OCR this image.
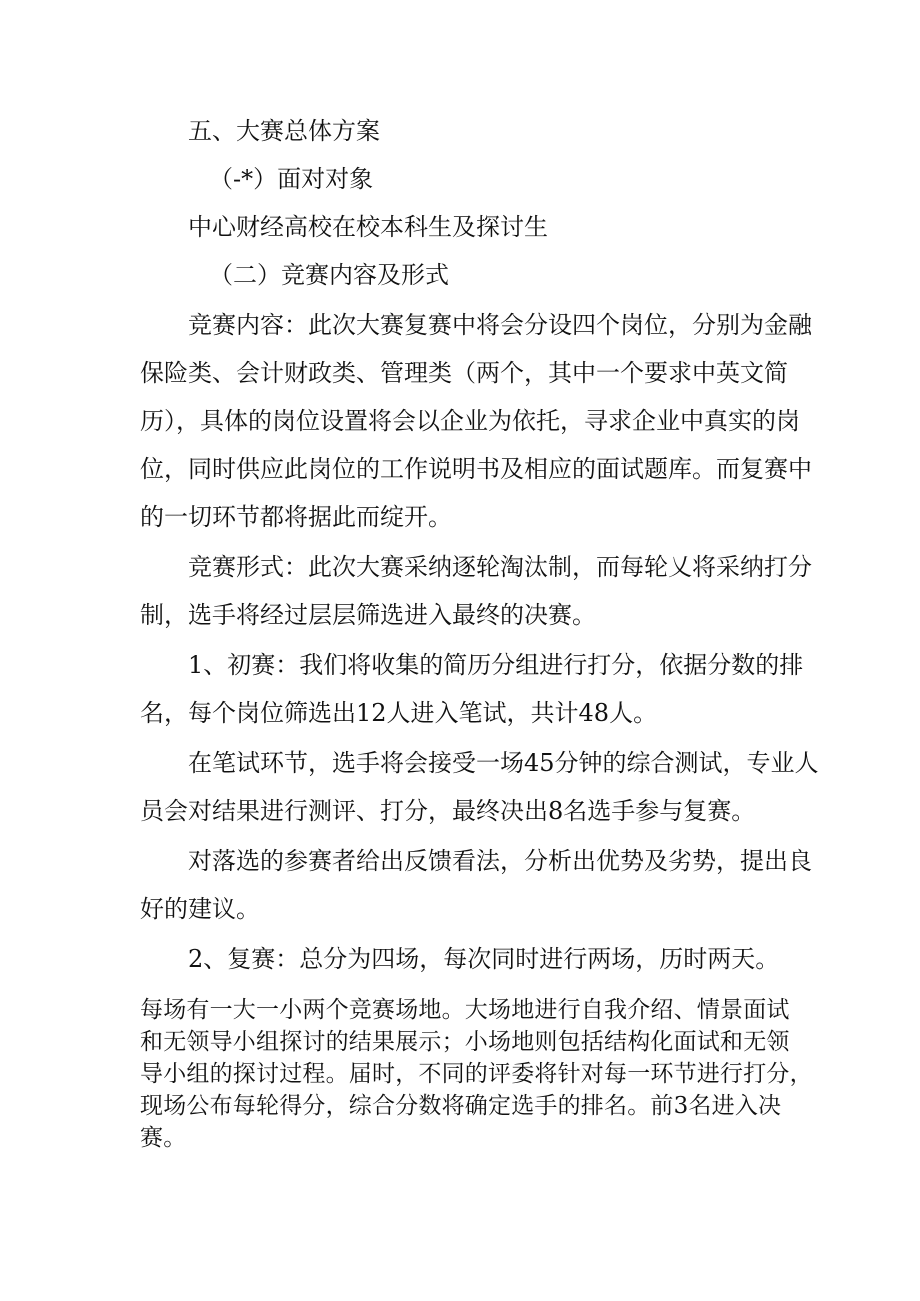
五、大赛总体方案

（-*）面对对象

中心财经高校在校本科生及探讨生

（二）竞赛内容及形式

竞赛内容：此次大赛复赛中将会分设四个岗位，分别为金融

保险类、会计财政类、管理类（两个，其中一个要求中英文简

历），具体的岗位设置将会以企业为依托，寻求企业中真实的岗

位，同时供应此岗位的工作说明书及相应的面试题库。而复赛中

的一切环节都将据此而绽开。

竞赛形式：此次大赛采纳逐轮淘汰制，而每轮乂将采纳打分

制，选手将经过层层筛选进入最终的决赛。

1、初赛：我们将收集的简历分组进行打分，依据分数的排

名，每个岗位筛选出12人进入笔试，共计48人。

在笔试环节，选手将会接受一场45分钟的综合测试，专业人

员会对结果进行测评、打分，最终决出8名选手参与复赛。

对落选的参赛者给出反馈看法，分析出优势及劣势，提出良

好的建议。

2、复赛：总分为四场，每次同时进行两场，历时两天。

每场有一大一小两个竞赛场地。大场地进行自我介绍、情景面试

和无领导小组探讨的结果展示；小场地则包括结构化面试和无领

导小组的探讨过程。届时，不同的评委将针对每一环节进行打分，

现场公布每轮得分，综合分数将确定选手的排名。前3名进入决

赛。
